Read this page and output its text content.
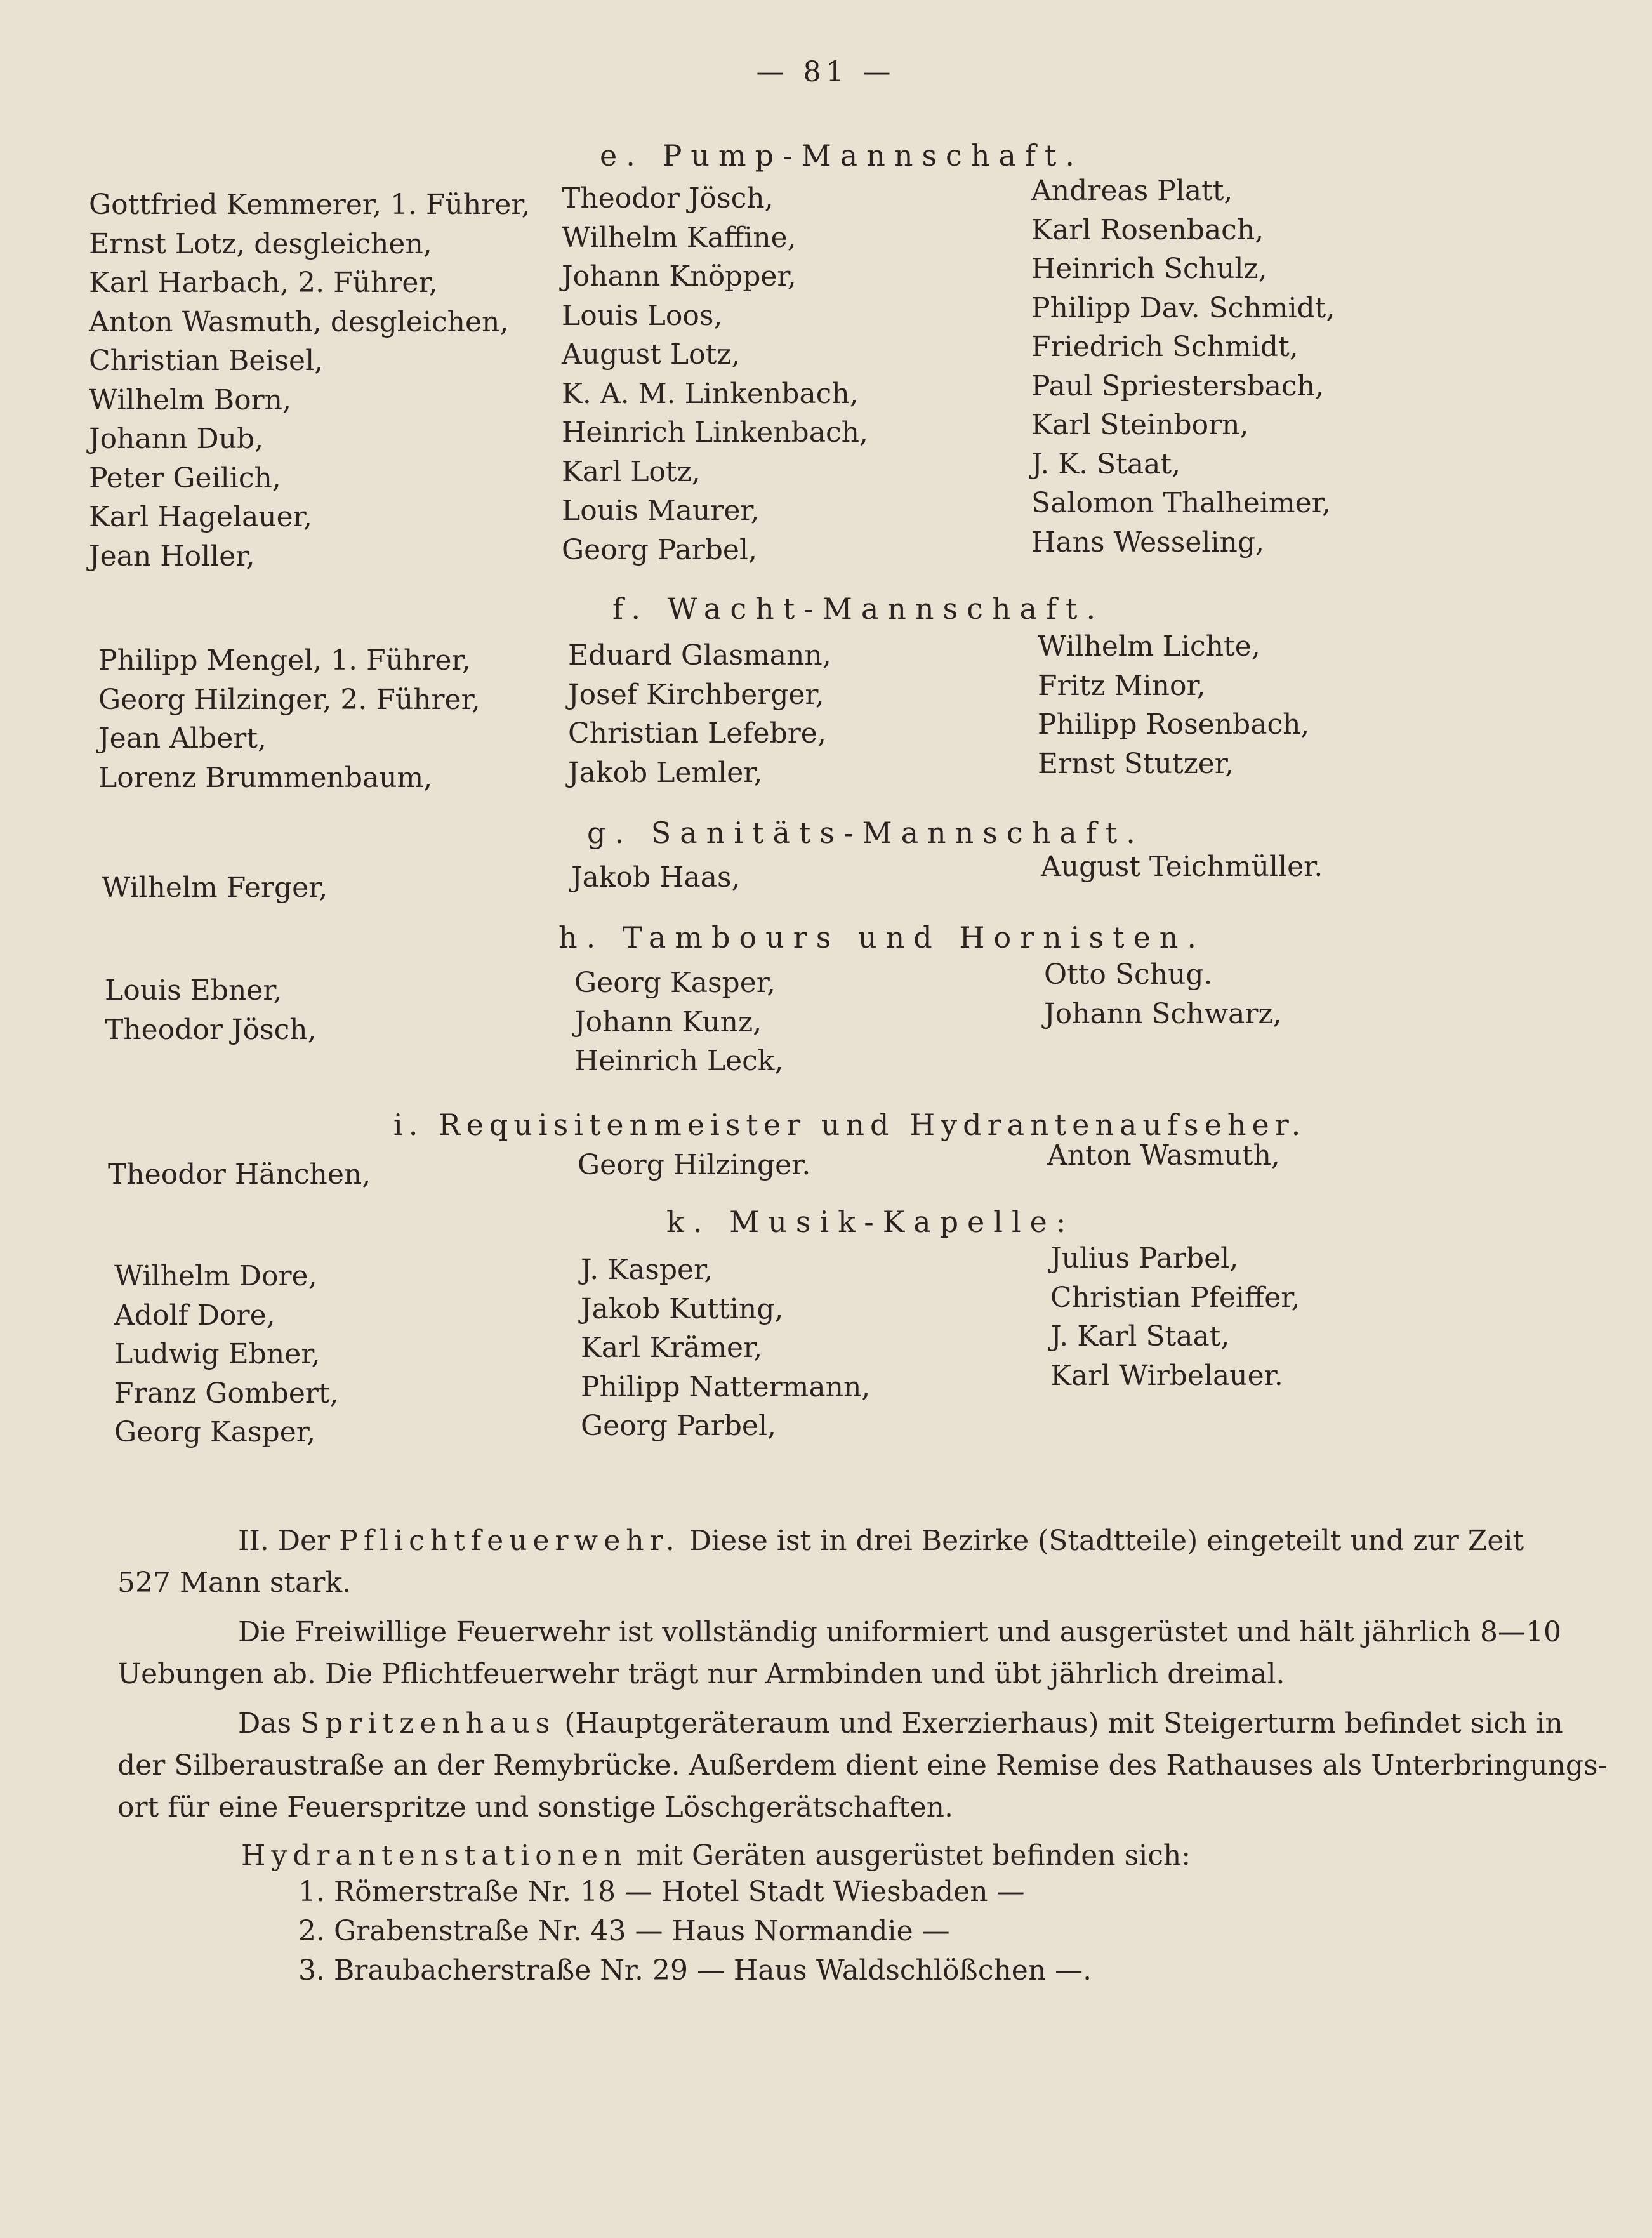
— 81 —
e. Pump-Mannschaft.
Gottfried Kemmerer, 1. Führer,
Ernst Lotz, desgleichen,
Karl Harbach, 2. Führer,
Anton Wasmuth, desgleichen,
Christian Beisel,
Wilhelm Born,
Johann Dub,
Peter Geilich,
Karl Hagelauer,
Jean Holler,
Theodor Jösch,
Wilhelm Kaffine,
Johann Knöpper,
Louis Loos,
August Lotz,
K. A. M. Linkenbach,
Heinrich Linkenbach,
Karl Lotz,
Louis Maurer,
Georg Parbel,
Andreas Platt,
Karl Rosenbach,
Heinrich Schulz,
Philipp Dav. Schmidt,
Friedrich Schmidt,
Paul Spriestersbach,
Karl Steinborn,
J. K. Staat,
Salomon Thalheimer,
Hans Wesseling,
f. Wacht-Mannschaft.
Philipp Mengel, 1. Führer,
Georg Hilzinger, 2. Führer,
Jean Albert,
Lorenz Brummenbaum,
Eduard Glasmann,
Josef Kirchberger,
Christian Lefebre,
Jakob Lemler,
Wilhelm Lichte,
Fritz Minor,
Philipp Rosenbach,
Ernst Stutzer,
g. Sanitäts-Mannschaft.
Wilhelm Ferger,	Jakob Haas,	August Teichmüller.
h. Tambours und Hornisten.
Louis Ebner,
Theodor Jösch,
Georg Kasper,
Johann Kunz,
Heinrich Leck,
Otto Schug.
Johann Schwarz,
i. Requisitenmeister und Hydrantenaufseher.
Theodor Hänchen,	Georg Hilzinger.	Anton Wasmuth,
k. Musik-Kapelle:
Wilhelm Dore,
Adolf Dore,
Ludwig Ebner,
Franz Gombert,
Georg Kasper,
J. Kasper,
Jakob Kutting,
Karl Krämer,
Philipp Nattermann,
Georg Parbel,
Julius Parbel,
Christian Pfeiffer,
J. Karl Staat,
Karl Wirbelauer.
II. Der Pflichtfeuerwehr. Diese ist in drei Bezirke (Stadtteile) eingeteilt und zur Zeit
527 Mann stark.
Die Freiwillige Feuerwehr ist vollständig uniformiert und ausgerüstet und hält jährlich 8—10
Uebungen ab. Die Pflichtfeuerwehr trägt nur Armbinden und übt jährlich dreimal.
Das Spritzenhaus (Hauptgeräteraum und Exerzierhaus) mit Steigerturm befindet sich in
der Silberaustraße an der Remybrücke. Außerdem dient eine Remise des Rathauses als Unterbringungs-
ort für eine Feuerspritze und sonstige Löschgerätschaften.
Hydrantenstationen mit Geräten ausgerüstet befinden sich:
1. Römerstraße Nr. 18 — Hotel Stadt Wiesbaden —
2. Grabenstraße Nr. 43 — Haus Normandie —
3. Braubacherstraße Nr. 29 — Haus Waldschlößchen —.
